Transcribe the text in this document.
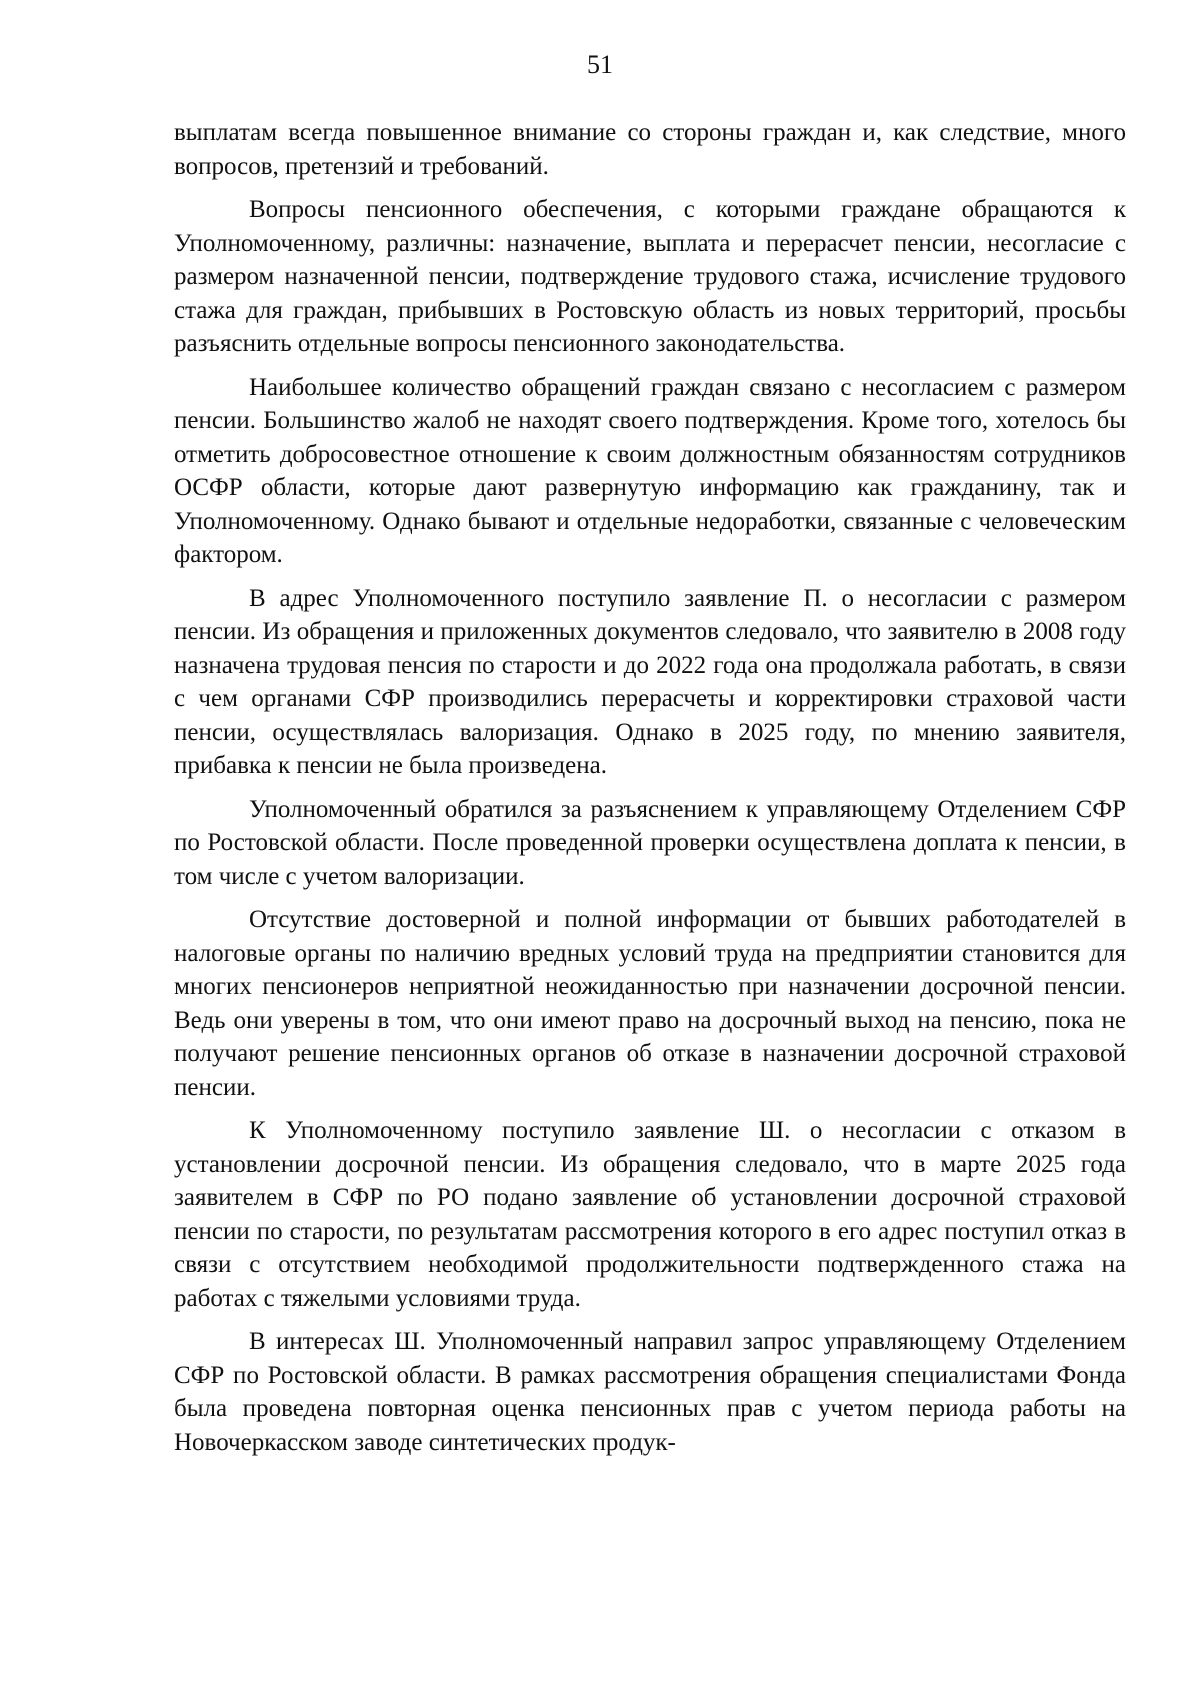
51

выплатам всегда повышенное внимание со стороны граждан и, как следствие, много вопросов, претензий и требований.

Вопросы пенсионного обеспечения, с которыми граждане обращаются к Уполномоченному, различны: назначение, выплата и перерасчет пенсии, несогласие с размером назначенной пенсии, подтверждение трудового стажа, исчисление трудового стажа для граждан, прибывших в Ростовскую область из новых территорий, просьбы разъяснить отдельные вопросы пенсионного законодательства.

Наибольшее количество обращений граждан связано с несогласием с размером пенсии. Большинство жалоб не находят своего подтверждения. Кроме того, хотелось бы отметить добросовестное отношение к своим должностным обязанностям сотрудников ОСФР области, которые дают развернутую информацию как гражданину, так и Уполномоченному. Однако бывают и отдельные недоработки, связанные с человеческим фактором.

В адрес Уполномоченного поступило заявление П. о несогласии с размером пенсии. Из обращения и приложенных документов следовало, что заявителю в 2008 году назначена трудовая пенсия по старости и до 2022 года она продолжала работать, в связи с чем органами СФР производились перерасчеты и корректировки страховой части пенсии, осуществлялась валоризация. Однако в 2025 году, по мнению заявителя, прибавка к пенсии не была произведена.

Уполномоченный обратился за разъяснением к управляющему Отделением СФР по Ростовской области. После проведенной проверки осуществлена доплата к пенсии, в том числе с учетом валоризации.

Отсутствие достоверной и полной информации от бывших работодателей в налоговые органы по наличию вредных условий труда на предприятии становится для многих пенсионеров неприятной неожиданностью при назначении досрочной пенсии. Ведь они уверены в том, что они имеют право на досрочный выход на пенсию, пока не получают решение пенсионных органов об отказе в назначении досрочной страховой пенсии.

К Уполномоченному поступило заявление Ш. о несогласии с отказом в установлении досрочной пенсии. Из обращения следовало, что в марте 2025 года заявителем в СФР по РО подано заявление об установлении досрочной страховой пенсии по старости, по результатам рассмотрения которого в его адрес поступил отказ в связи с отсутствием необходимой продолжительности подтвержденного стажа на работах с тяжелыми условиями труда.

В интересах Ш. Уполномоченный направил запрос управляющему Отделением СФР по Ростовской области. В рамках рассмотрения обращения специалистами Фонда была проведена повторная оценка пенсионных прав с учетом периода работы на Новочеркасском заводе синтетических продук-
